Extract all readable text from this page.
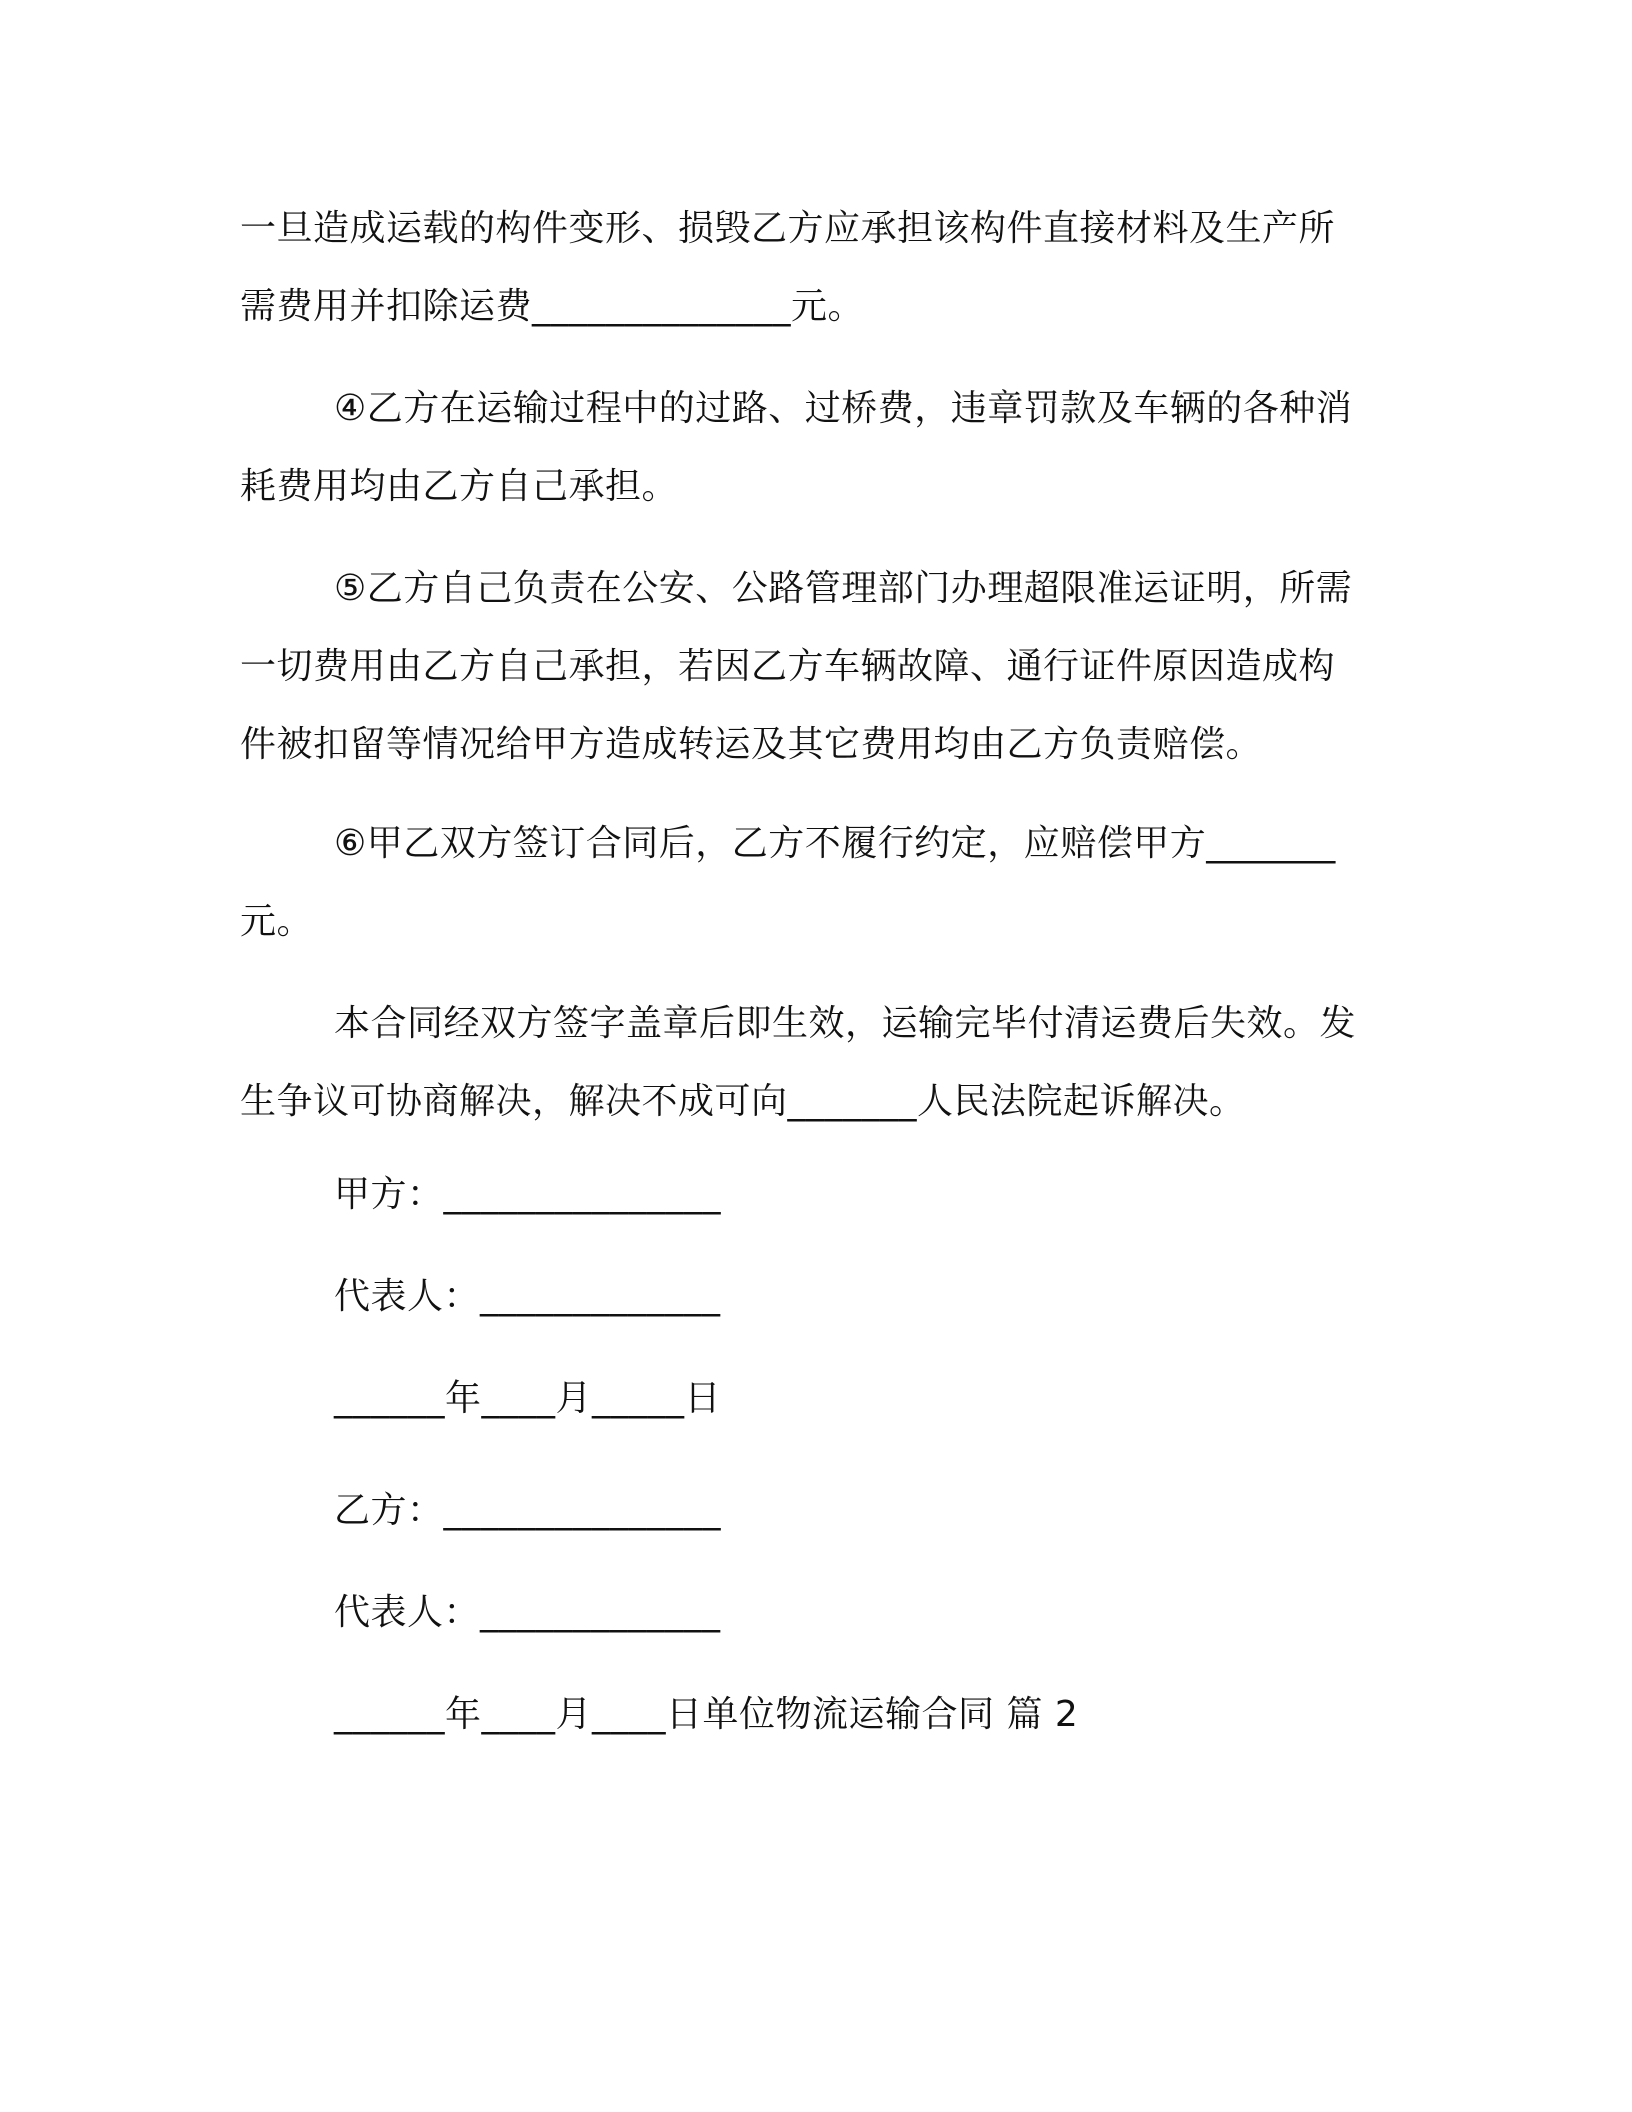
一旦造成运载的构件变形、损毁乙方应承担该构件直接材料及生产所需费用并扣除运费______________元。
④乙方在运输过程中的过路、过桥费，违章罚款及车辆的各种消耗费用均由乙方自己承担。
⑤乙方自己负责在公安、公路管理部门办理超限准运证明，所需一切费用由乙方自己承担，若因乙方车辆故障、通行证件原因造成构件被扣留等情况给甲方造成转运及其它费用均由乙方负责赔偿。
⑥甲乙双方签订合同后，乙方不履行约定，应赔偿甲方_______元。
本合同经双方签字盖章后即生效，运输完毕付清运费后失效。发生争议可协商解决，解决不成可向_______人民法院起诉解决。
甲方：_______________
代表人：_____________
______年____月_____日
乙方：_______________
代表人：_____________
______年____月____日单位物流运输合同 篇 2
